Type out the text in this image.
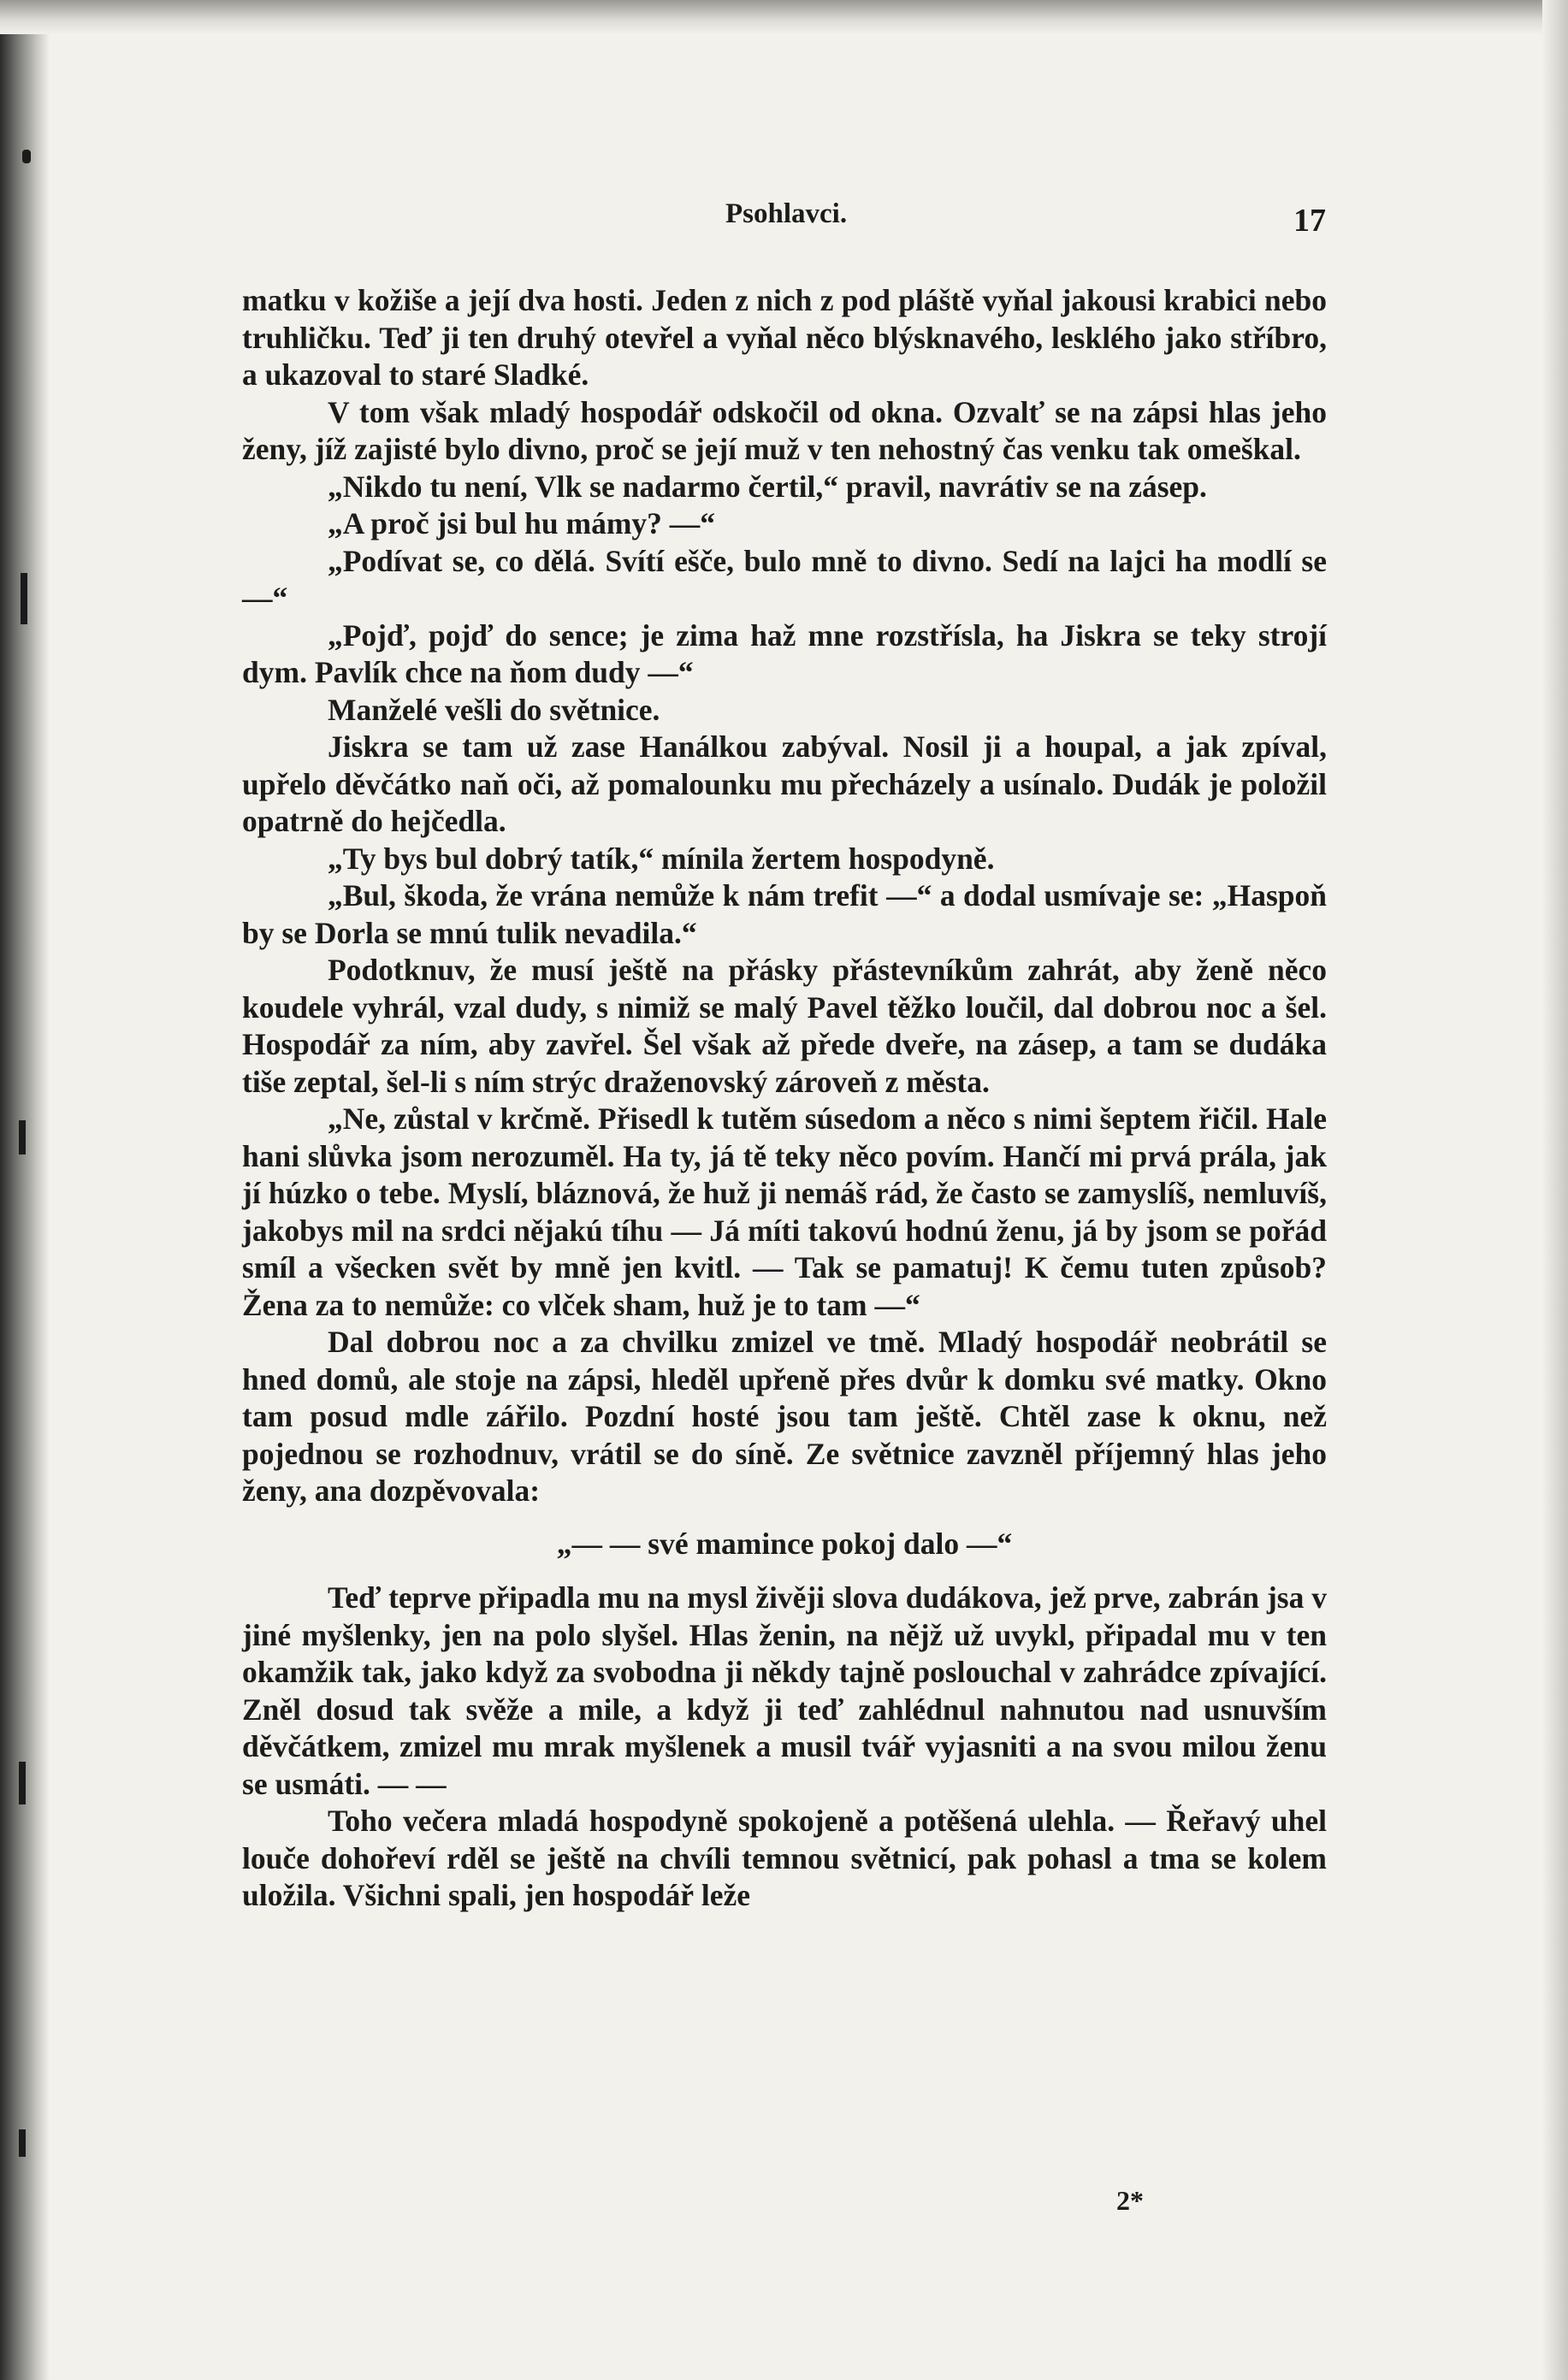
Psohlavci.	17

matku v kožiše a její dva hosti. Jeden z nich z pod pláště vyňal jakousi krabici nebo truhličku. Teď ji ten druhý otevřel a vyňal něco blýsknavého, lesklého jako stříbro, a ukazoval to staré Sladké.

V tom však mladý hospodář odskočil od okna. Ozvalť se na zápsi hlas jeho ženy, jíž zajisté bylo divno, proč se její muž v ten nehostný čas venku tak omeškal.

„Nikdo tu není, Vlk se nadarmo čertil,“ pravil, navrátiv se na zásep.

„A proč jsi bul hu mámy? —“

„Podívat se, co dělá. Svítí ešče, bulo mně to divno. Sedí na lajci ha modlí se —“

„Pojď, pojď do sence; je zima haž mne rozstřísla, ha Jiskra se teky strojí dym. Pavlík chce na ňom dudy —“

Manželé vešli do světnice.

Jiskra se tam už zase Hanálkou zabýval. Nosil ji a houpal, a jak zpíval, upřelo děvčátko naň oči, až pomalounku mu přecházely a usínalo. Dudák je položil opatrně do hejčedla.

„Ty bys bul dobrý tatík,“ mínila žertem hospodyně.

„Bul, škoda, že vrána nemůže k nám trefit —“ a dodal usmívaje se: „Haspoň by se Dorla se mnú tulik nevadila.“

Podotknuv, že musí ještě na přásky přástevníkům zahrát, aby ženě něco koudele vyhrál, vzal dudy, s nimiž se malý Pavel těžko loučil, dal dobrou noc a šel. Hospodář za ním, aby zavřel. Šel však až přede dveře, na zásep, a tam se dudáka tiše zeptal, šel-li s ním strýc draženovský zároveň z města.

„Ne, zůstal v krčmě. Přisedl k tutěm súsedom a něco s nimi šeptem řičil. Hale hani slůvka jsom nerozuměl. Ha ty, já tě teky něco povím. Hančí mi prvá prála, jak jí húzko o tebe. Myslí, bláznová, že huž ji nemáš rád, že často se zamyslíš, nemluvíš, jakobys mil na srdci nějakú tíhu — Já míti takovú hodnú ženu, já by jsom se pořád smíl a všecken svět by mně jen kvitl. — Tak se pamatuj! K čemu tuten způsob? Žena za to nemůže: co vlček sham, huž je to tam —“

Dal dobrou noc a za chvilku zmizel ve tmě. Mladý hospodář neobrátil se hned domů, ale stoje na zápsi, hleděl upřeně přes dvůr k domku své matky. Okno tam posud mdle zářilo. Pozdní hosté jsou tam ještě. Chtěl zase k oknu, než pojednou se rozhodnuv, vrátil se do síně. Ze světnice zavzněl příjemný hlas jeho ženy, ana dozpěvovala:

„— — své mamince pokoj dalo —“

Teď teprve připadla mu na mysl živěji slova dudákova, jež prve, zabrán jsa v jiné myšlenky, jen na polo slyšel. Hlas ženin, na nějž už uvykl, připadal mu v ten okamžik tak, jako když za svobodna ji někdy tajně poslouchal v zahrádce zpívající. Zněl dosud tak svěže a mile, a když ji teď zahlédnul nahnutou nad usnuvším děvčátkem, zmizel mu mrak myšlenek a musil tvář vyjasniti a na svou milou ženu se usmáti. — —

Toho večera mladá hospodyně spokojeně a potěšená ulehla. — Řeřavý uhel louče dohořeví rděl se ještě na chvíli temnou světnicí, pak pohasl a tma se kolem uložila. Všichni spali, jen hospodář leže

2*
